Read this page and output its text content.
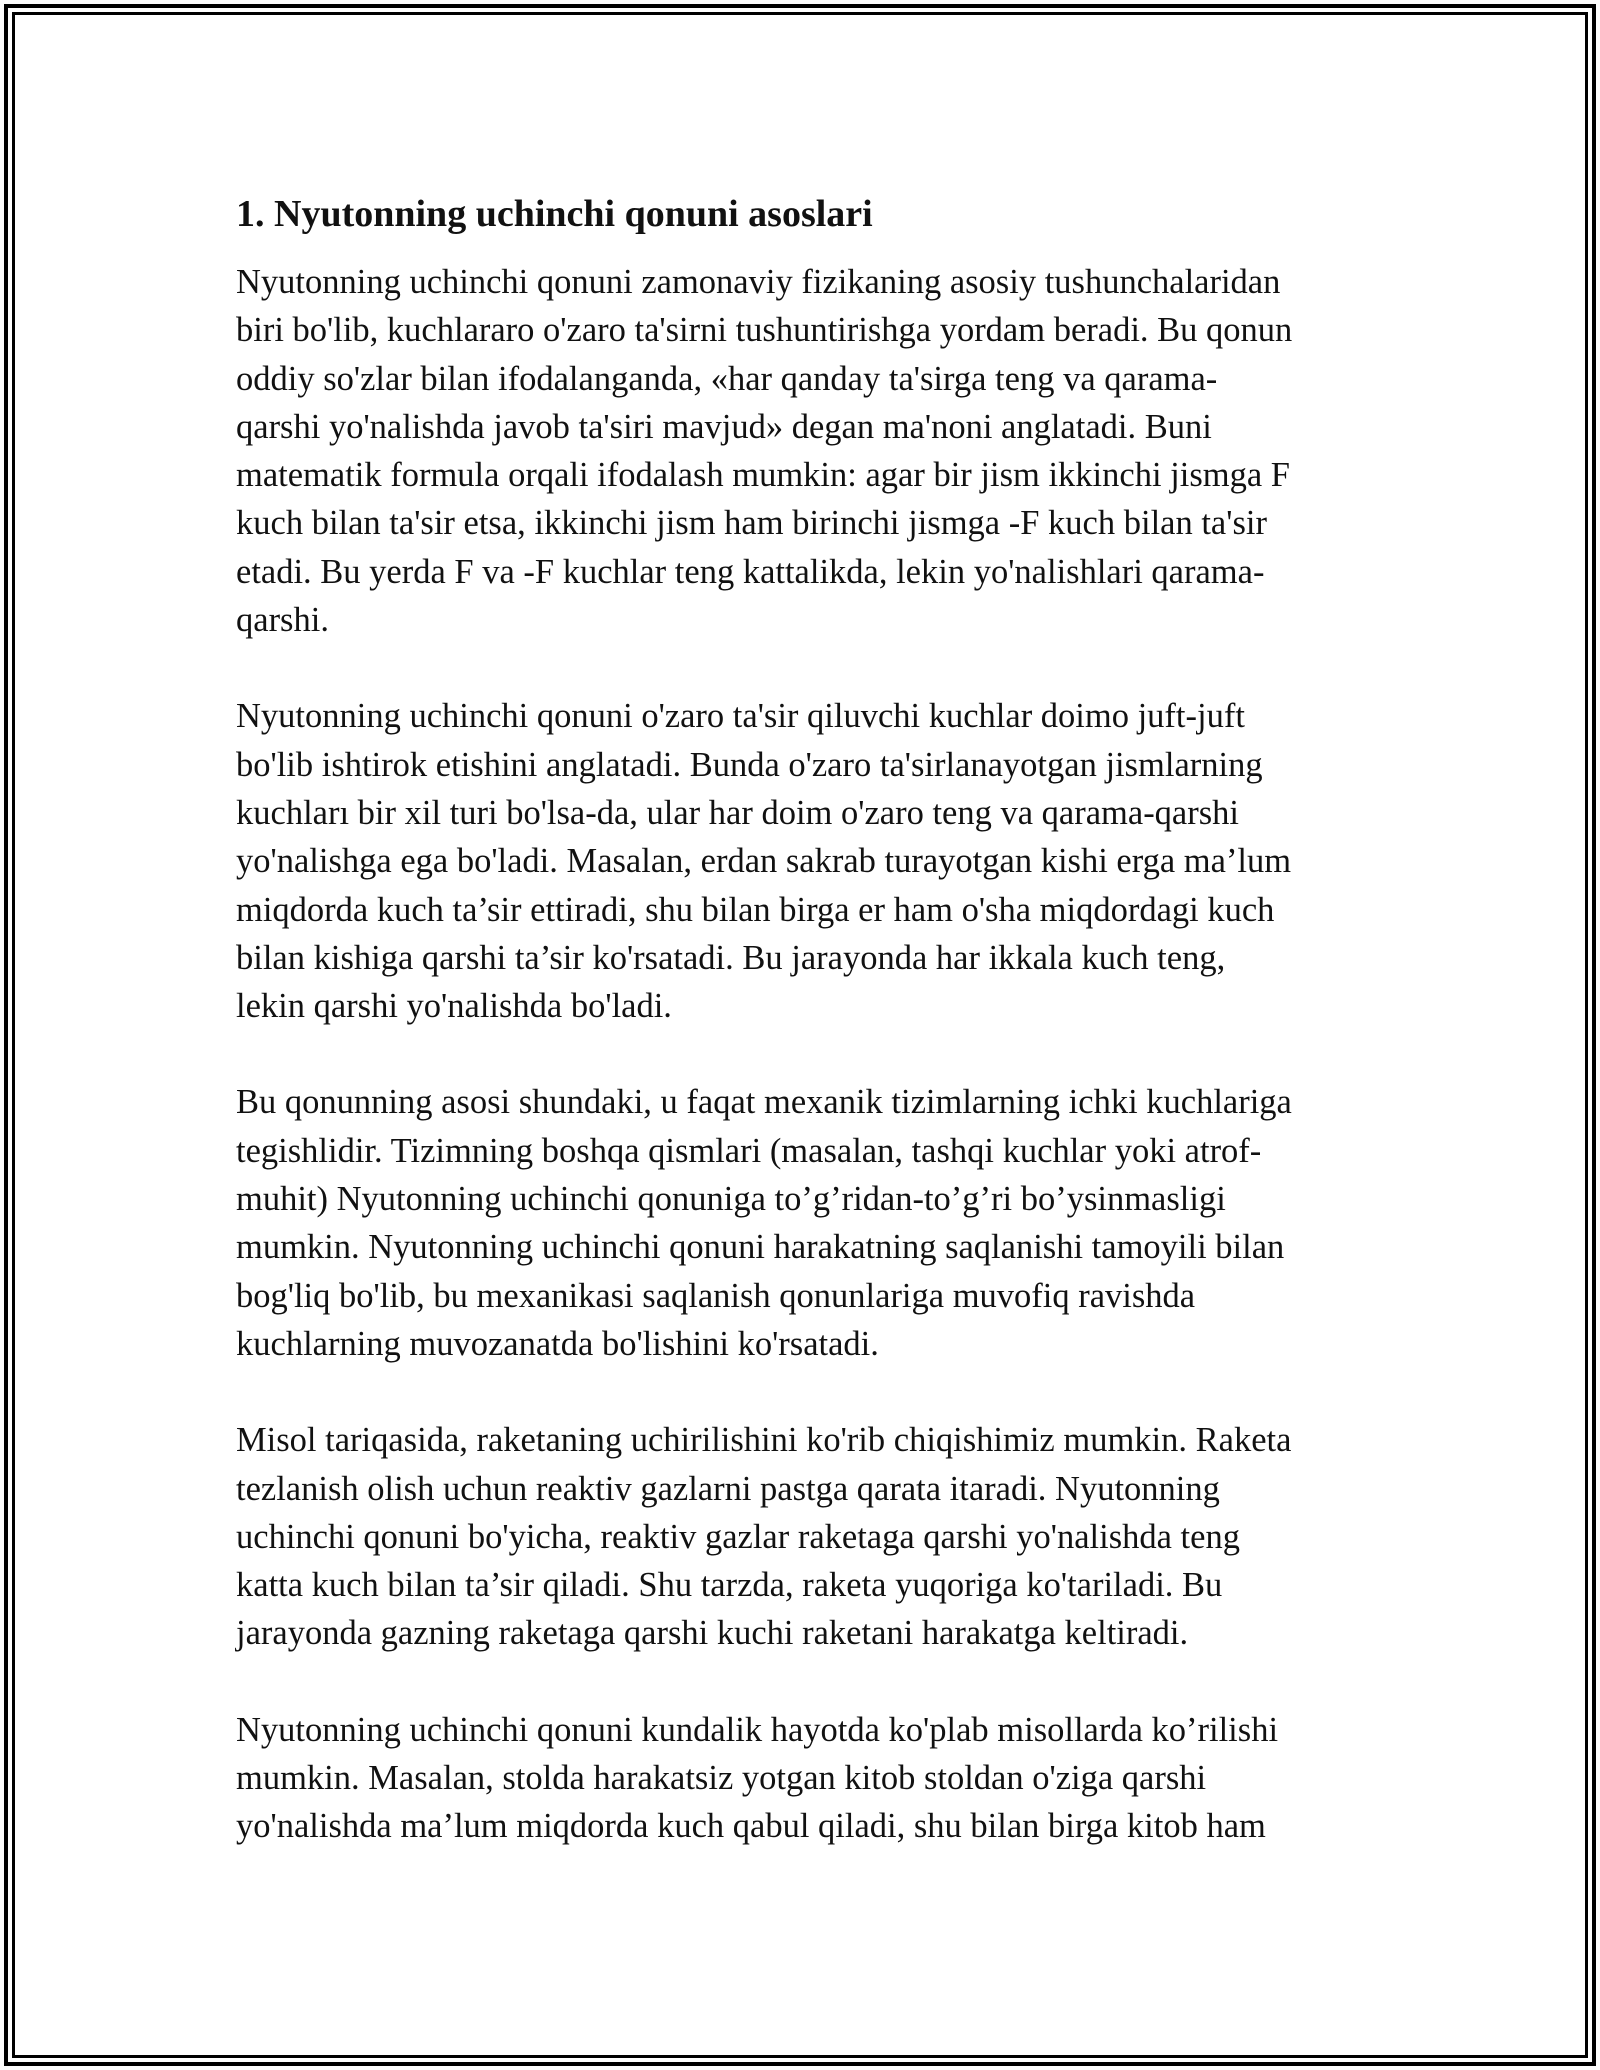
1. Nyutonning uchinchi qonuni asoslari
Nyutonning uchinchi qonuni zamonaviy fizikaning asosiy tushunchalaridan
biri bo'lib, kuchlararo o'zaro ta'sirni tushuntirishga yordam beradi. Bu qonun
oddiy so'zlar bilan ifodalanganda, «har qanday ta'sirga teng va qarama-
qarshi yo'nalishda javob ta'siri mavjud» degan ma'noni anglatadi. Buni
matematik formula orqali ifodalash mumkin: agar bir jism ikkinchi jismga F
kuch bilan ta'sir etsa, ikkinchi jism ham birinchi jismga -F kuch bilan ta'sir
etadi. Bu yerda F va -F kuchlar teng kattalikda, lekin yo'nalishlari qarama-
qarshi.
Nyutonning uchinchi qonuni o'zaro ta'sir qiluvchi kuchlar doimo juft-juft
bo'lib ishtirok etishini anglatadi. Bunda o'zaro ta'sirlanayotgan jismlarning
kuchları bir xil turi bo'lsa-da, ular har doim o'zaro teng va qarama-qarshi
yo'nalishga ega bo'ladi. Masalan, erdan sakrab turayotgan kishi erga ma’lum
miqdorda kuch ta’sir ettiradi, shu bilan birga er ham o'sha miqdordagi kuch
bilan kishiga qarshi ta’sir ko'rsatadi. Bu jarayonda har ikkala kuch teng,
lekin qarshi yo'nalishda bo'ladi.
Bu qonunning asosi shundaki, u faqat mexanik tizimlarning ichki kuchlariga
tegishlidir. Tizimning boshqa qismlari (masalan, tashqi kuchlar yoki atrof-
muhit) Nyutonning uchinchi qonuniga to’g’ridan-to’g’ri bo’ysinmasligi
mumkin. Nyutonning uchinchi qonuni harakatning saqlanishi tamoyili bilan
bog'liq bo'lib, bu mexanikasi saqlanish qonunlariga muvofiq ravishda
kuchlarning muvozanatda bo'lishini ko'rsatadi.
Misol tariqasida, raketaning uchirilishini ko'rib chiqishimiz mumkin. Raketa
tezlanish olish uchun reaktiv gazlarni pastga qarata itaradi. Nyutonning
uchinchi qonuni bo'yicha, reaktiv gazlar raketaga qarshi yo'nalishda teng
katta kuch bilan ta’sir qiladi. Shu tarzda, raketa yuqoriga ko'tariladi. Bu
jarayonda gazning raketaga qarshi kuchi raketani harakatga keltiradi.
Nyutonning uchinchi qonuni kundalik hayotda ko'plab misollarda ko’rilishi
mumkin. Masalan, stolda harakatsiz yotgan kitob stoldan o'ziga qarshi
yo'nalishda ma’lum miqdorda kuch qabul qiladi, shu bilan birga kitob ham
